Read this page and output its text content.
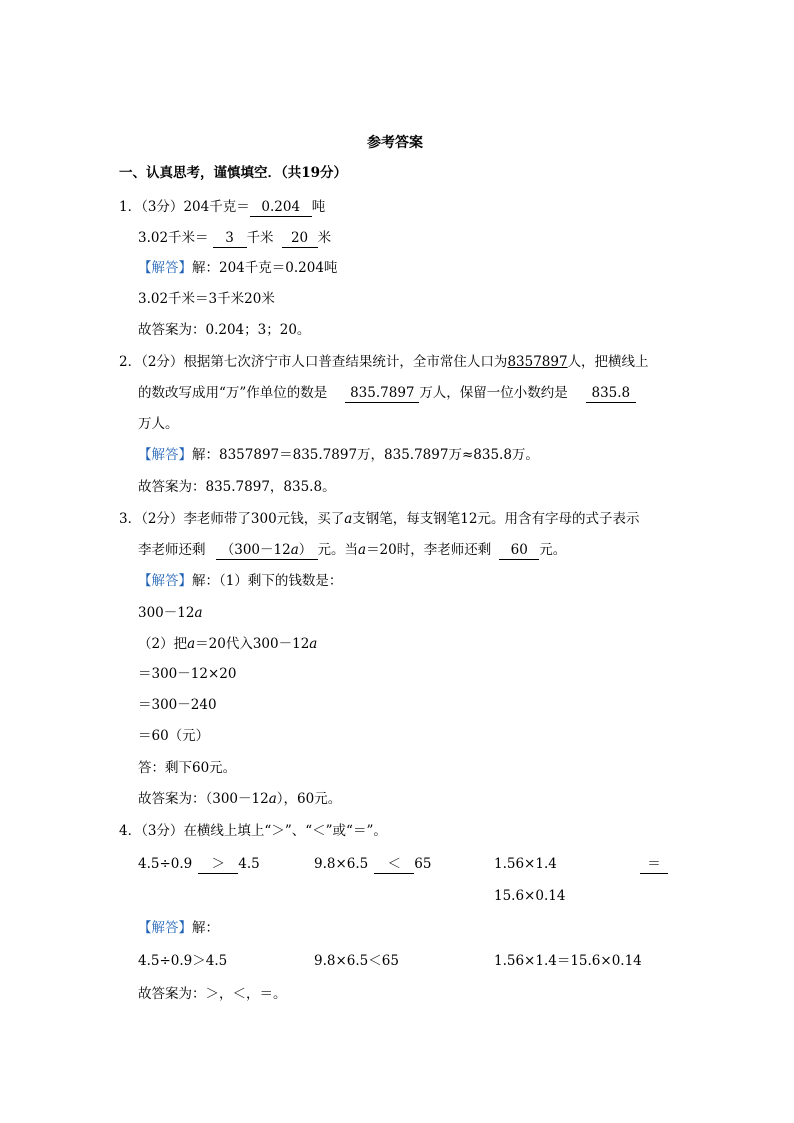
参考答案
一、认真思考，谨慎填空．（共19分）
1．（3分）204千克＝ 0.204 吨
3.02千米＝ 3 千米 20 米
【解答】解：204千克＝0.204吨
3.02千米＝3千米20米
故答案为：0.204；3；20。
2．（2分）根据第七次济宁市人口普查结果统计，全市常住人口为8357897人，把横线上
的数改写成用“万”作单位的数是 835.7897 万人，保留一位小数约是 835.8
万人。
【解答】解：8357897＝835.7897万，835.7897万≈835.8万。
故答案为：835.7897，835.8。
3．（2分）李老师带了300元钱，买了a支钢笔，每支钢笔12元。用含有字母的式子表示
李老师还剩 （300－12a） 元。当a＝20时，李老师还剩 60 元。
【解答】解：（1）剩下的钱数是：
300－12a
（2）把a＝20代入300－12a
＝300－12×20
＝300－240
＝60（元）
答：剩下60元。
故答案为：（300－12a），60元。
4．（3分）在横线上填上“＞”、“＜”或“＝”。
4.5÷0.9 ＞ 4.5	9.8×6.5 ＜ 65	1.56×1.4	＝
15.6×0.14
【解答】解：
4.5÷0.9＞4.5	9.8×6.5＜65	1.56×1.4＝15.6×0.14
故答案为：＞，＜，＝。
